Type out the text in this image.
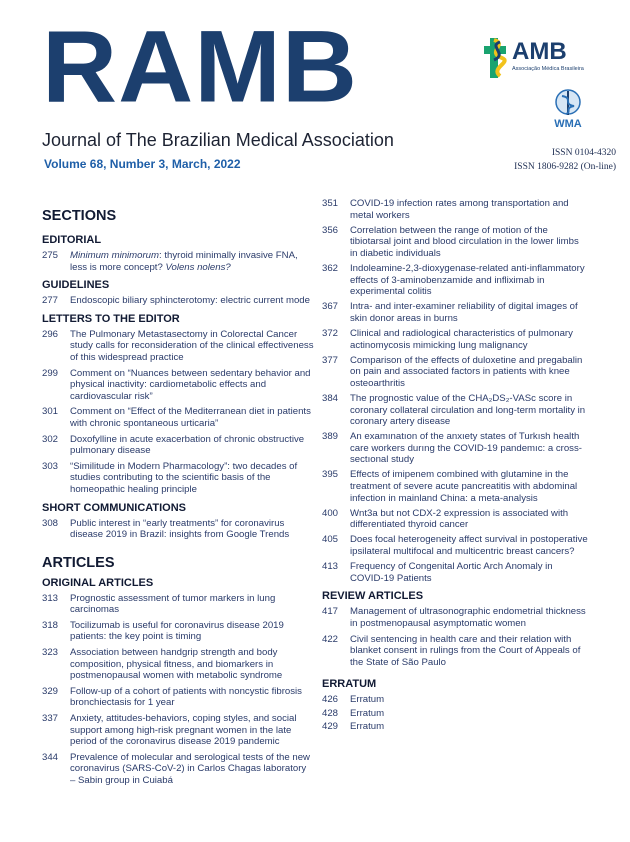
RAMB
Journal of The Brazilian Medical Association
Volume 68, Number 3, March, 2022
AMB
Associação Médica Brasileira
WMA
ISSN 0104-4320
ISSN 1806-9282 (On-line)
SECTIONS
EDITORIAL
275	Minimum minimorum: thyroid minimally invasive FNA, less is more concept? Volens nolens?
GUIDELINES
277	Endoscopic biliary sphincterotomy: electric current mode
LETTERS TO THE EDITOR
296	The Pulmonary Metastasectomy in Colorectal Cancer study calls for reconsideration of the clinical effectiveness of this widespread practice
299	Comment on “Nuances between sedentary behavior and physical inactivity: cardiometabolic effects and cardiovascular risk”
301	Comment on “Effect of the Mediterranean diet in patients with chronic spontaneous urticaria”
302	Doxofylline in acute exacerbation of chronic obstructive pulmonary disease
303	“Similitude in Modern Pharmacology”: two decades of studies contributing to the scientific basis of the homeopathic healing principle
SHORT COMMUNICATIONS
308	Public interest in “early treatments” for coronavirus disease 2019 in Brazil: insights from Google Trends
ARTICLES
ORIGINAL ARTICLES
313	Prognostic assessment of tumor markers in lung carcinomas
318	Tocilizumab is useful for coronavirus disease 2019 patients: the key point is timing
323	Association between handgrip strength and body composition, physical fitness, and biomarkers in postmenopausal women with metabolic syndrome
329	Follow-up of a cohort of patients with noncystic fibrosis bronchiectasis for 1 year
337	Anxiety, attitudes-behaviors, coping styles, and social support among high-risk pregnant women in the late period of the coronavirus disease 2019 pandemic
344	Prevalence of molecular and serological tests of the new coronavirus (SARS-CoV-2) in Carlos Chagas laboratory – Sabin group in Cuiabá
351	COVID-19 infection rates among transportation and metal workers
356	Correlation between the range of motion of the tibiotarsal joint and blood circulation in the lower limbs in diabetic individuals
362	Indoleamine-2,3-dioxygenase-related anti-inflammatory effects of 3-aminobenzamide and infliximab in experimental colitis
367	Intra- and inter-examiner reliability of digital images of skin donor areas in burns
372	Clinical and radiological characteristics of pulmonary actinomycosis mimicking lung malignancy
377	Comparison of the effects of duloxetine and pregabalin on pain and associated factors in patients with knee osteoarthritis
384	The prognostic value of the CHA₂DS₂-VASc score in coronary collateral circulation and long-term mortality in coronary artery disease
389	An examınatıon of the anxıety states of Turkısh health care workers durıng the COVID-19 pandemıc: a cross-sectıonal study
395	Effects of imipenem combined with glutamine in the treatment of severe acute pancreatitis with abdominal infection in mainland China: a meta-analysis
400	Wnt3a but not CDX-2 expression is associated with differentiated thyroid cancer
405	Does focal heterogeneity affect survival in postoperative ipsilateral multifocal and multicentric breast cancers?
413	Frequency of Congenital Aortic Arch Anomaly in COVID-19 Patients
REVIEW ARTICLES
417	Management of ultrasonographic endometrial thickness in postmenopausal asymptomatic women
422	Civil sentencing in health care and their relation with blanket consent in rulings from the Court of Appeals of the State of São Paulo
ERRATUM
426	Erratum
428	Erratum
429	Erratum
